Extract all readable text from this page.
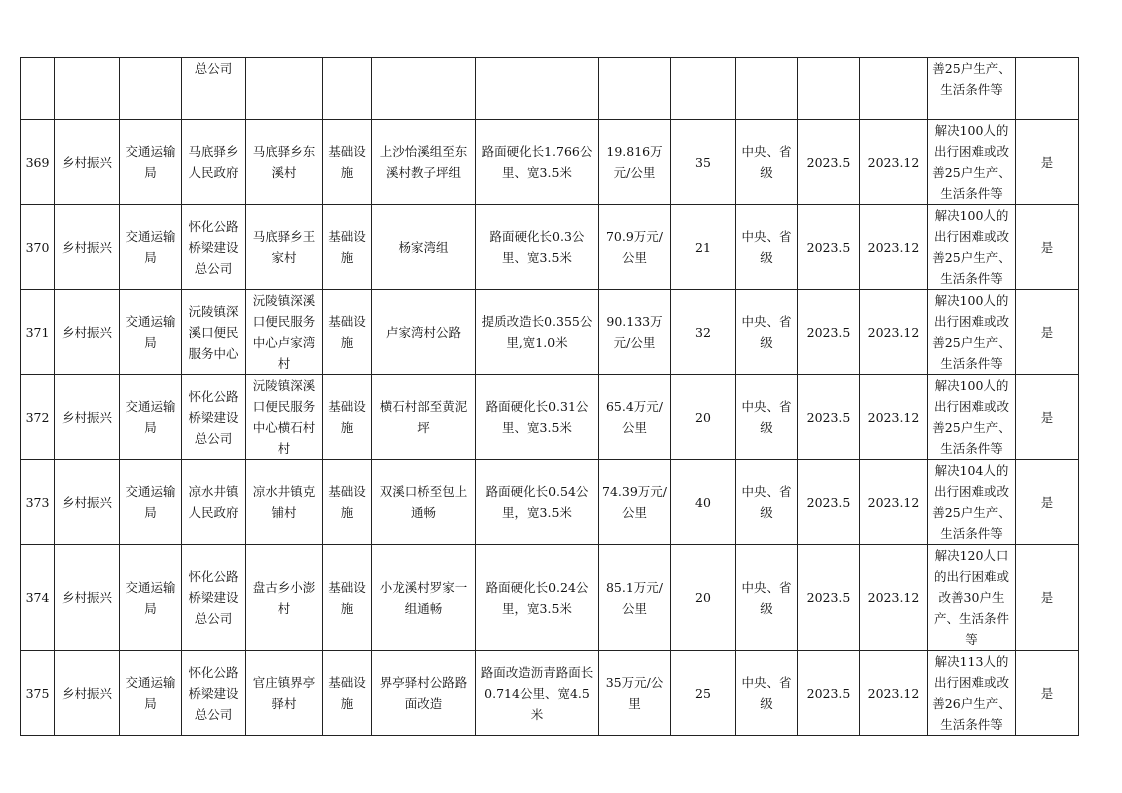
			总公司										善25户生产、生活条件等	

369	乡村振兴	交通运输局	马底驿乡人民政府	马底驿乡东溪村	基础设施	上沙怡溪组至东溪村教子坪组	路面硬化长1.766公里、宽3.5米	19.816万元/公里	35	中央、省级	2023.5	2023.12	解决100人的出行困难或改善25户生产、生活条件等	是

370	乡村振兴	交通运输局	怀化公路桥梁建设总公司	马底驿乡王家村	基础设施	杨家湾组	路面硬化长0.3公里、宽3.5米	70.9万元/公里	21	中央、省级	2023.5	2023.12	解决100人的出行困难或改善25户生产、生活条件等	是

371	乡村振兴	交通运输局	沅陵镇深溪口便民服务中心	沅陵镇深溪口便民服务中心卢家湾村	基础设施	卢家湾村公路	提质改造长0.355公里,宽1.0米	90.133万元/公里	32	中央、省级	2023.5	2023.12	解决100人的出行困难或改善25户生产、生活条件等	是

372	乡村振兴	交通运输局	怀化公路桥梁建设总公司	沅陵镇深溪口便民服务中心横石村村	基础设施	横石村部至黄泥坪	路面硬化长0.31公里、宽3.5米	65.4万元/公里	20	中央、省级	2023.5	2023.12	解决100人的出行困难或改善25户生产、生活条件等	是

373	乡村振兴	交通运输局	凉水井镇人民政府	凉水井镇克铺村	基础设施	双溪口桥至包上通畅	路面硬化长0.54公里，宽3.5米	74.39万元/公里	40	中央、省级	2023.5	2023.12	解决104人的出行困难或改善25户生产、生活条件等	是

374	乡村振兴	交通运输局	怀化公路桥梁建设总公司	盘古乡小澎村	基础设施	小龙溪村罗家一组通畅	路面硬化长0.24公里，宽3.5米	85.1万元/公里	20	中央、省级	2023.5	2023.12	解决120人口的出行困难或改善30户生产、生活条件等	是

375	乡村振兴	交通运输局	怀化公路桥梁建设总公司	官庄镇界亭驿村	基础设施	界亭驿村公路路面改造	路面改造沥青路面长0.714公里、宽4.5米	35万元/公里	25	中央、省级	2023.5	2023.12	解决113人的出行困难或改善26户生产、生活条件等	是
